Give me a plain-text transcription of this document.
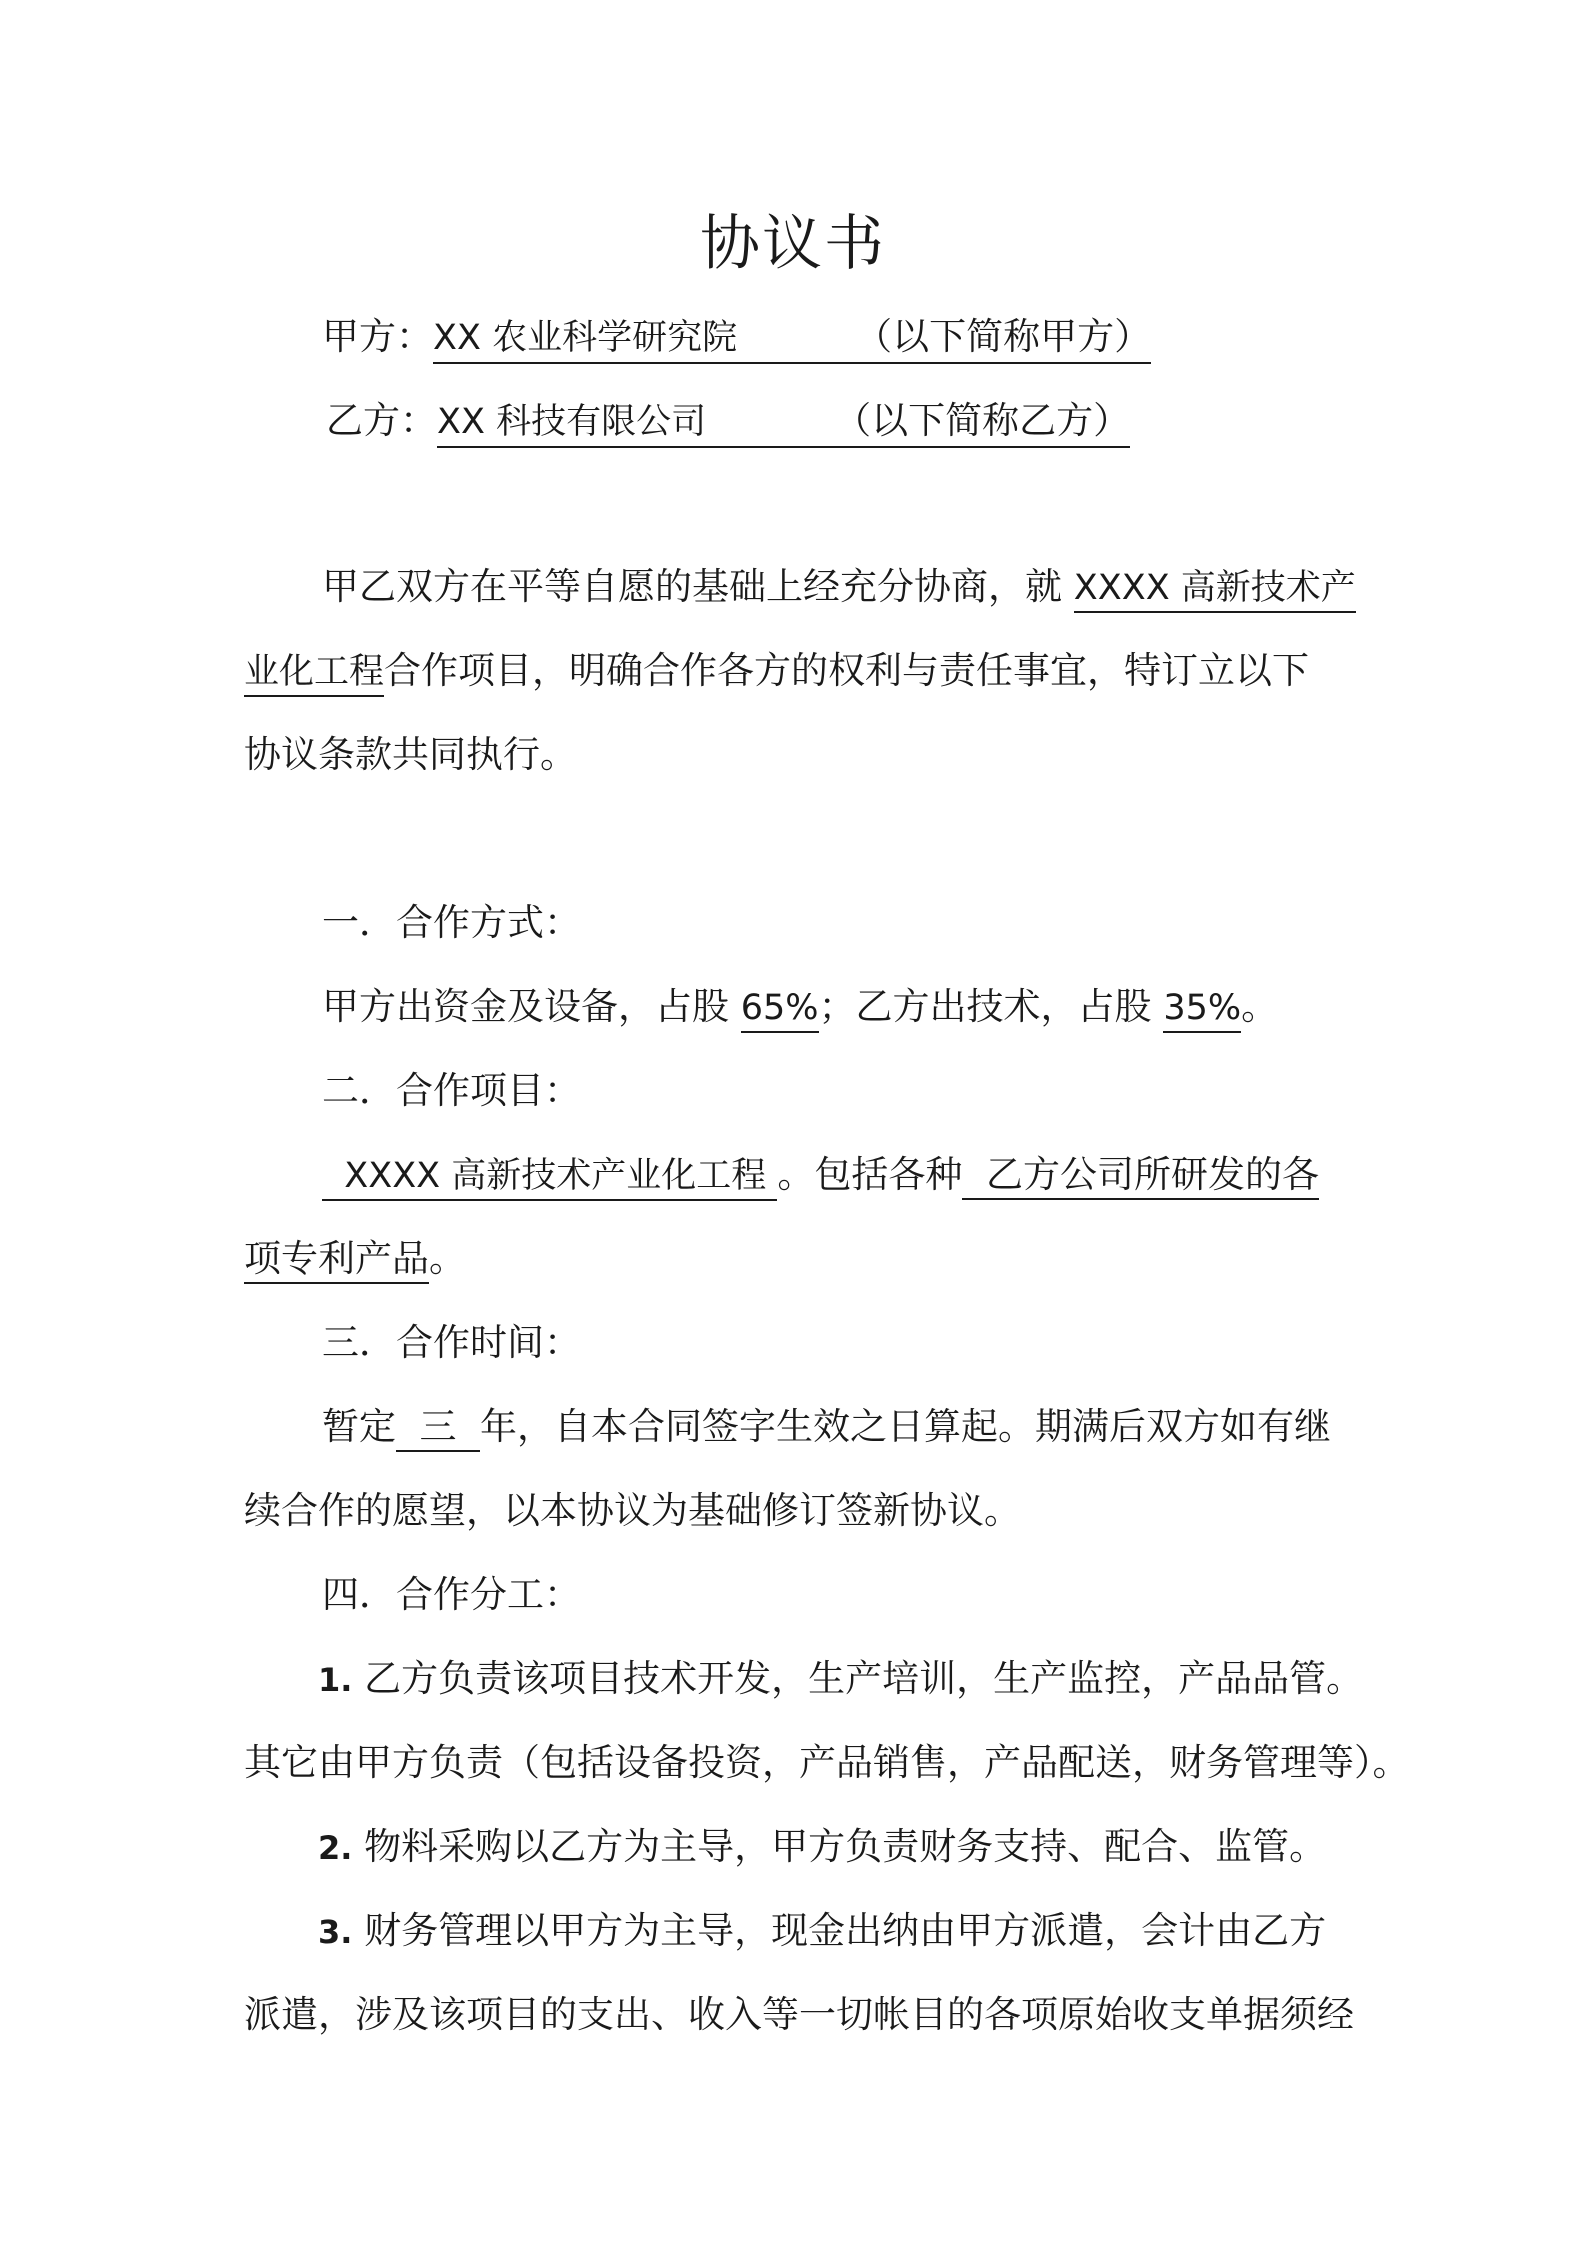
协议书
甲方：XX 农业科学研究院	（以下简称甲方）
乙方：XX 科技有限公司	（以下简称乙方）
甲乙双方在平等自愿的基础上经充分协商，就 XXXX 高新技术产
业化工程合作项目，明确合作各方的权利与责任事宜，特订立以下
协议条款共同执行。
一．合作方式：
甲方出资金及设备，占股 65%；乙方出技术，占股 35%。
二．合作项目：
XXXX 高新技术产业化工程 。包括各种  乙方公司所研发的各
项专利产品。
三．合作时间：
暂定  三  年，自本合同签字生效之日算起。期满后双方如有继
续合作的愿望，以本协议为基础修订签新协议。
四．合作分工：
1. 乙方负责该项目技术开发，生产培训，生产监控，产品品管。
其它由甲方负责（包括设备投资，产品销售，产品配送，财务管理等）。
2. 物料采购以乙方为主导，甲方负责财务支持、配合、监管。
3. 财务管理以甲方为主导，现金出纳由甲方派遣，会计由乙方
派遣，涉及该项目的支出、收入等一切帐目的各项原始收支单据须经
